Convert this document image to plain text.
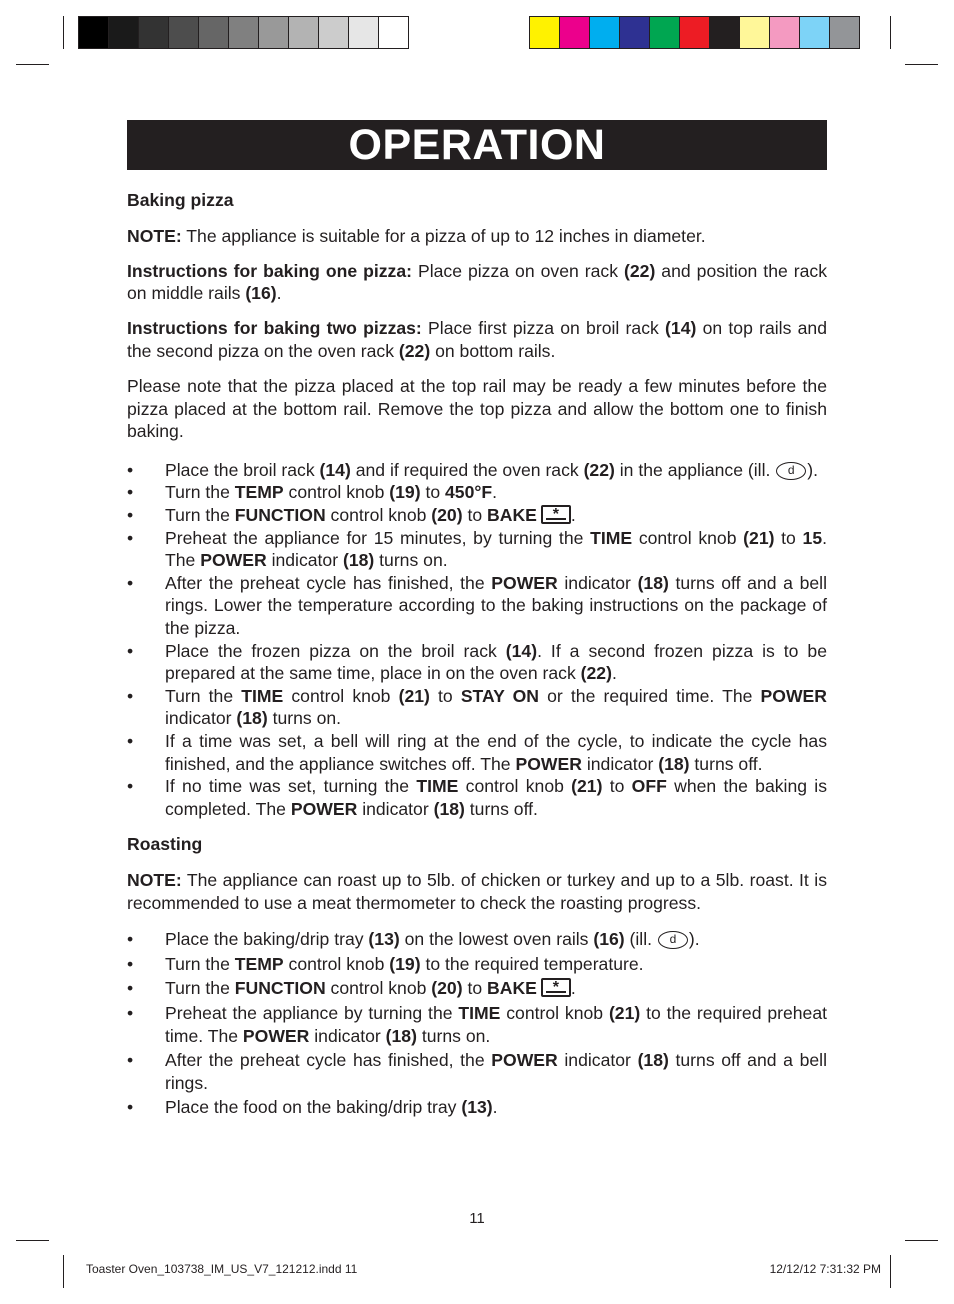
OPERATION
Baking pizza
NOTE: The appliance is suitable for a pizza of up to 12 inches in diameter.
Instructions for baking one pizza: Place pizza on oven rack (22) and position the rack on middle rails (16).
Instructions for baking two pizzas: Place first pizza on broil rack (14) on top rails and the second pizza on the oven rack (22) on bottom rails.
Please note that the pizza placed at the top rail may be ready a few minutes before the pizza placed at the bottom rail. Remove the top pizza and allow the bottom one to finish baking.
• Place the broil rack (14) and if required the oven rack (22) in the appliance (ill. d ).
• Turn the TEMP control knob (19) to 450°F.
• Turn the FUNCTION control knob (20) to BAKE * .
• Preheat the appliance for 15 minutes, by turning the TIME control knob (21) to 15. The POWER indicator (18) turns on.
• After the preheat cycle has finished, the POWER indicator (18) turns off and a bell rings. Lower the temperature according to the baking instructions on the package of the pizza.
• Place the frozen pizza on the broil rack (14). If a second frozen pizza is to be prepared at the same time, place in on the oven rack (22).
• Turn the TIME control knob (21) to STAY ON or the required time. The POWER indicator (18) turns on.
• If a time was set, a bell will ring at the end of the cycle, to indicate the cycle has finished, and the appliance switches off. The POWER indicator (18) turns off.
• If no time was set, turning the TIME control knob (21) to OFF when the baking is completed. The POWER indicator (18) turns off.
Roasting
NOTE: The appliance can roast up to 5lb. of chicken or turkey and up to a 5lb. roast. It is recommended to use a meat thermometer to check the roasting progress.
• Place the baking/drip tray (13) on the lowest oven rails (16) (ill. d ).
• Turn the TEMP control knob (19) to the required temperature.
• Turn the FUNCTION control knob (20) to BAKE * .
• Preheat the appliance by turning the TIME control knob (21) to the required preheat time. The POWER indicator (18) turns on.
• After the preheat cycle has finished, the POWER indicator (18) turns off and a bell rings.
• Place the food on the baking/drip tray (13).
11
Toaster Oven_103738_IM_US_V7_121212.indd 11	12/12/12 7:31:32 PM
